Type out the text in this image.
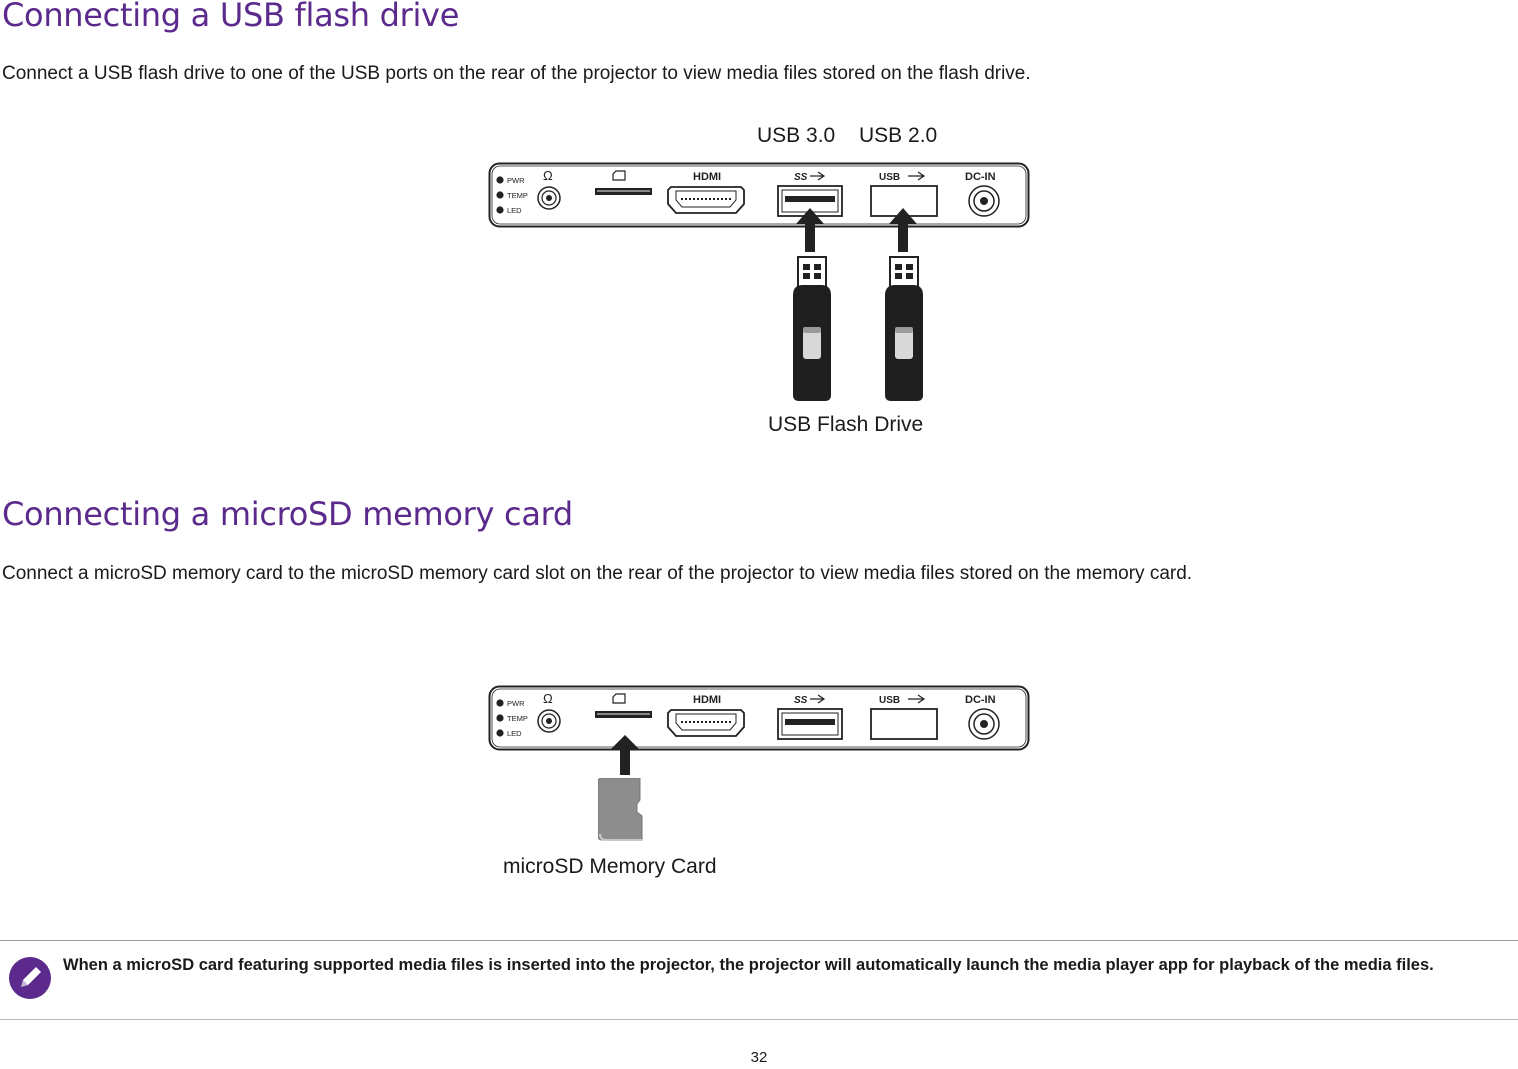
Connecting a USB flash drive

Connect a USB flash drive to one of the USB ports on the rear of the projector to view media files stored on the flash drive.

USB 3.0 USB 2.0
PWR
TEMP
LED
Ω	HDMI	SS	USB	DC-IN
USB Flash Drive
Connecting a microSD memory card

Connect a microSD memory card to the microSD memory card slot on the rear of the projector to view media files stored on the memory card.

PWR
TEMP
LED
Ω	HDMI	SS	USB	DC-IN
microSD Memory Card
When a microSD card featuring supported media files is inserted into the projector, the projector will automatically launch the media player app for playback of the media files.
32
